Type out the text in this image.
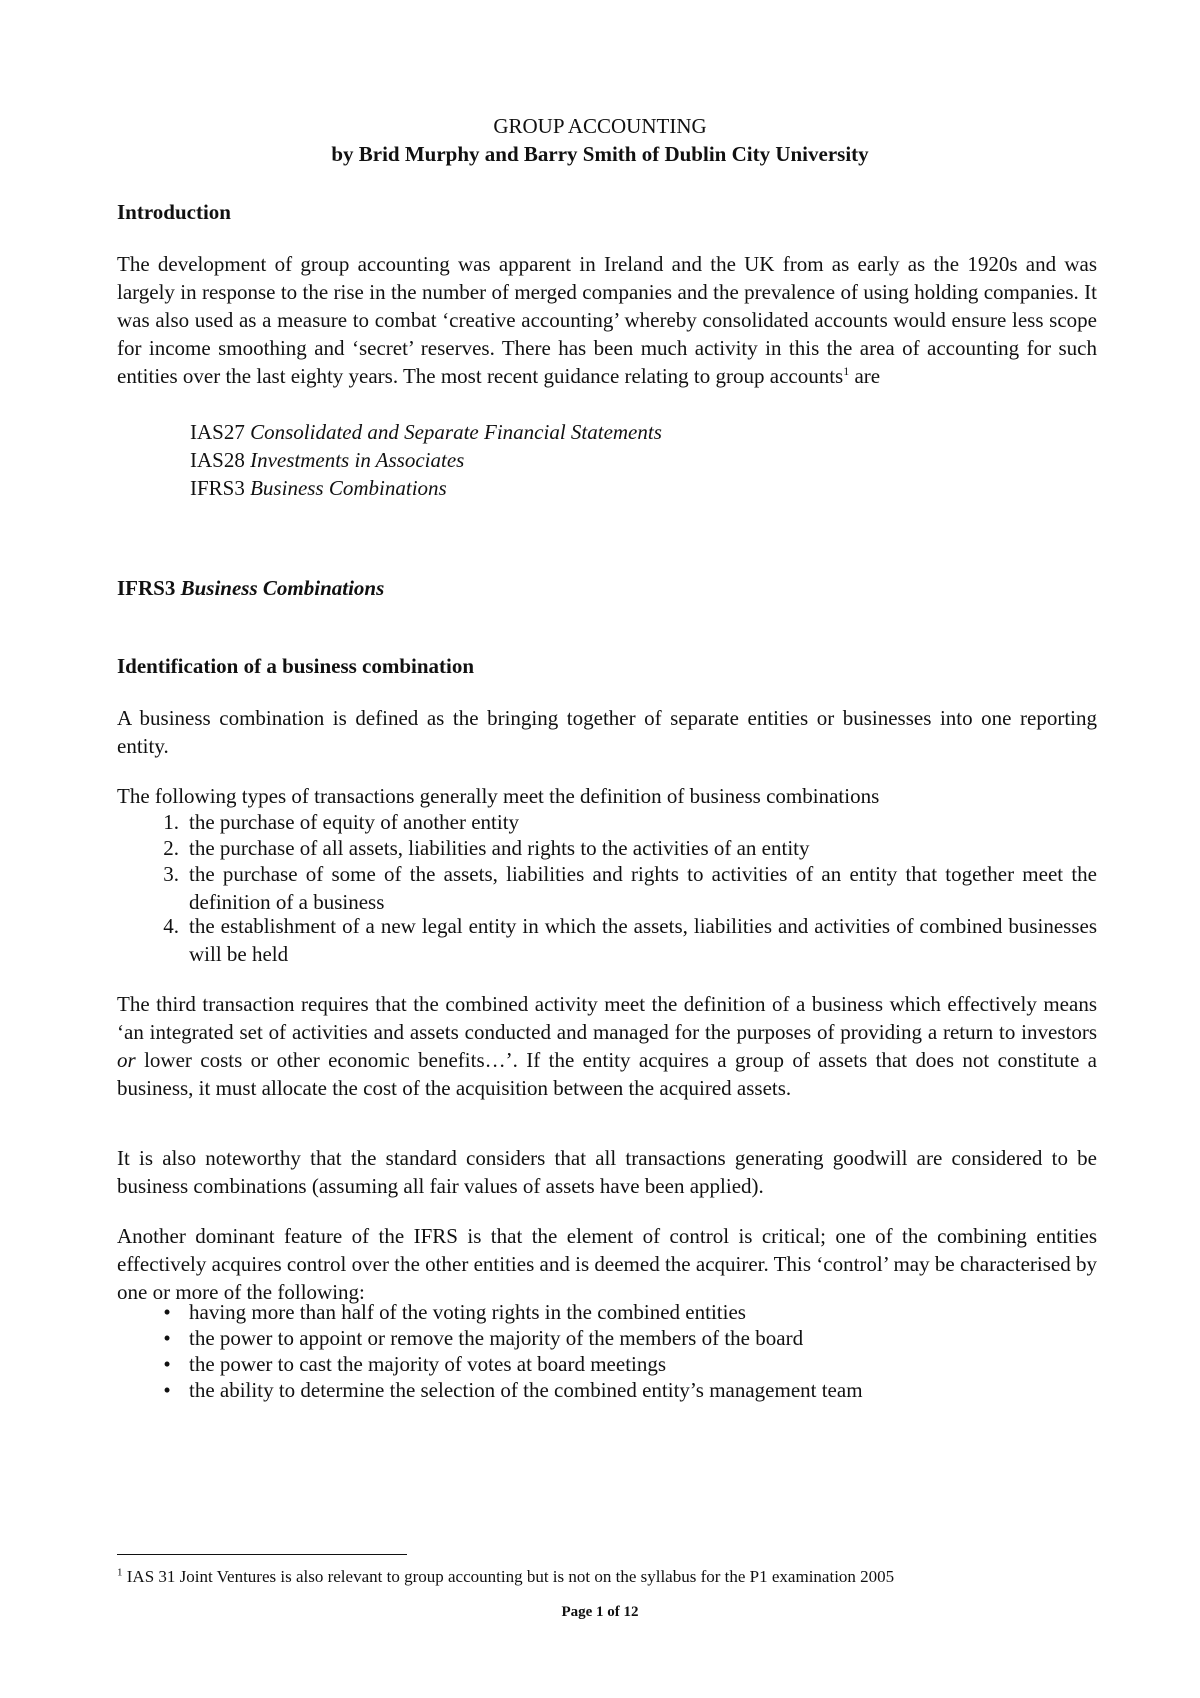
GROUP ACCOUNTING
by Brid Murphy and Barry Smith of Dublin City University
Introduction
The development of group accounting was apparent in Ireland and the UK from as early as the 1920s and was largely in response to the rise in the number of merged companies and the prevalence of using holding companies. It was also used as a measure to combat ‘creative accounting’ whereby consolidated accounts would ensure less scope for income smoothing and ‘secret’ reserves. There has been much activity in this the area of accounting for such entities over the last eighty years. The most recent guidance relating to group accounts$^1$ are
IAS27 Consolidated and Separate Financial Statements
IAS28 Investments in Associates
IFRS3 Business Combinations
IFRS3 Business Combinations
Identification of a business combination
A business combination is defined as the bringing together of separate entities or businesses into one reporting entity.
The following types of transactions generally meet the definition of business combinations
1. the purchase of equity of another entity
2. the purchase of all assets, liabilities and rights to the activities of an entity
3. the purchase of some of the assets, liabilities and rights to activities of an entity that together meet the definition of a business
4. the establishment of a new legal entity in which the assets, liabilities and activities of combined businesses will be held
The third transaction requires that the combined activity meet the definition of a business which effectively means ‘an integrated set of activities and assets conducted and managed for the purposes of providing a return to investors or lower costs or other economic benefits…’. If the entity acquires a group of assets that does not constitute a business, it must allocate the cost of the acquisition between the acquired assets.
It is also noteworthy that the standard considers that all transactions generating goodwill are considered to be business combinations (assuming all fair values of assets have been applied).
Another dominant feature of the IFRS is that the element of control is critical; one of the combining entities effectively acquires control over the other entities and is deemed the acquirer. This ‘control’ may be characterised by one or more of the following:
• having more than half of the voting rights in the combined entities
• the power to appoint or remove the majority of the members of the board
• the power to cast the majority of votes at board meetings
• the ability to determine the selection of the combined entity’s management team
$^1$ IAS 31 Joint Ventures is also relevant to group accounting but is not on the syllabus for the P1 examination 2005
Page 1 of 12
